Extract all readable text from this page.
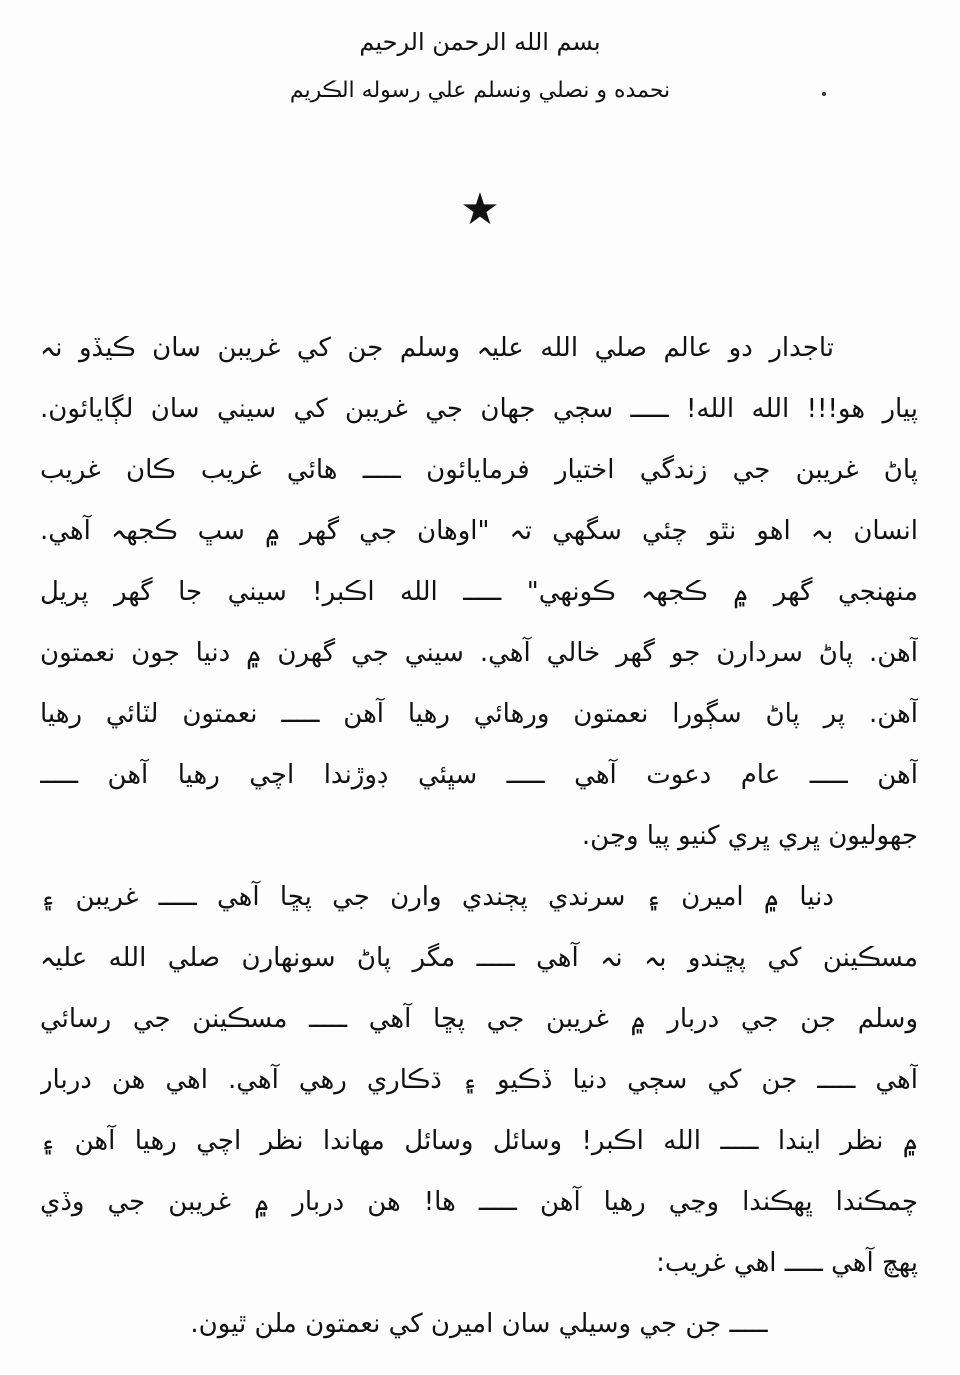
بسم الله الرحمن الرحيم
نحمده و نصلي ونسلم علي رسوله الڪريم
★
تاجدار دو عالم صلي الله عليہ وسلم جن کي غريبن سان ڪيڏو نہ
پيار هو!!! الله الله! ـــــ سڄي جهان جي غريبن کي سيني سان لڳايائون.
پاڻ غريبن جي زندگي اختيار فرمايائون ـــــ هائي غريب ڪان غريب
انسان بہ اهو نٿو چئي سگهي تہ "اوهان جي گهر ۾ سڀ ڪجهہ آهي.
منهنجي گهر ۾ ڪجهہ ڪونهي" ـــــ الله اڪبر! سيني جا گهر پريل
آهن. پاڻ سردارن جو گهر خالي آهي. سيني جي گهرن ۾ دنيا جون نعمتون
آهن. پر پاڻ سڳورا نعمتون ورهائي رهيا آهن ـــــ نعمتون لٽائي رهيا
آهن ـــــ عام دعوت آهي ـــــ سڀئي ڊوڙندا اچي رهيا آهن ـــــ
جهوليون ڀري ڀري کنيو پيا وڃن.
دنيا ۾ اميرن ۽ سرندي پڄندي وارن جي پڇا آهي ـــــ غريبن ۽
مسڪينن کي پڇندو بہ نہ آهي ـــــ مگر پاڻ سونهارن صلي الله عليہ
وسلم جن جي دربار ۾ غريبن جي پڇا آهي ـــــ مسڪينن جي رسائي
آهي ـــــ جن کي سڄي دنيا ڏڪيو ۽ ڌڪاري رهي آهي. اهي هن دربار
۾ نظر ايندا ـــــ الله اڪبر! وسائل وسائل مهاندا نظر اچي رهيا آهن ۽
چمڪندا ڀهڪندا وڃي رهيا آهن ـــــ ها! هن دربار ۾ غريبن جي وڏي
پهچ آهي ـــــ اهي غريب:
ـــــ جن جي وسيلي سان اميرن کي نعمتون ملن ٿيون.
